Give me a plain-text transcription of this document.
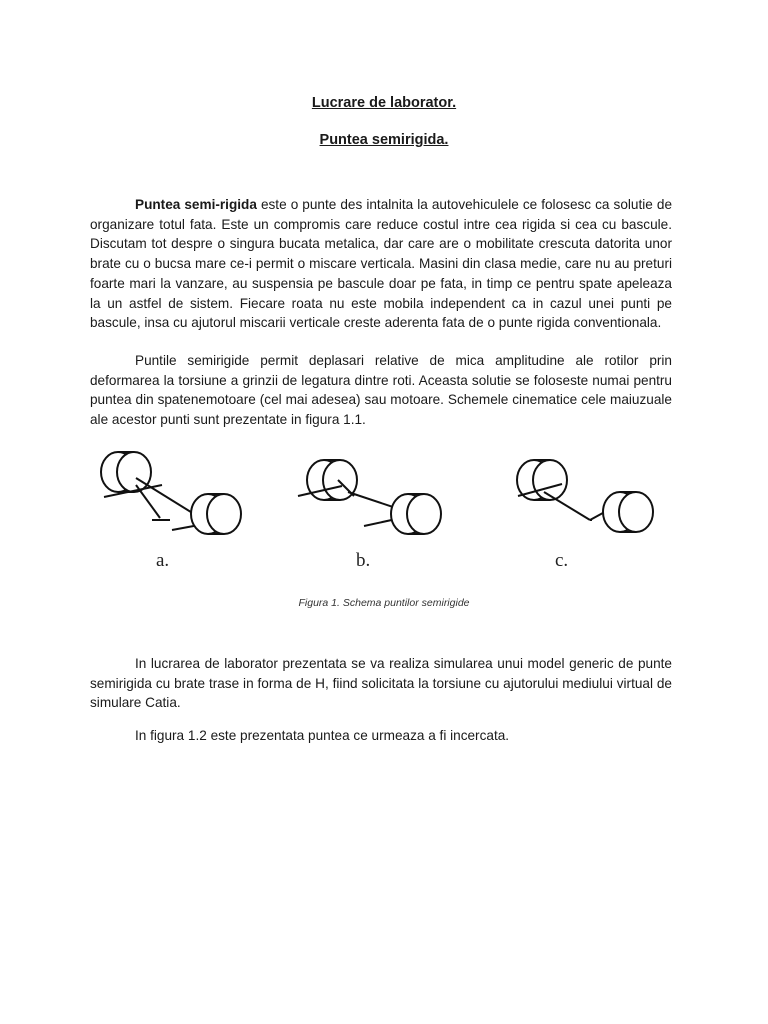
Lucrare de laborator.
Puntea semirigida.

Puntea semi-rigida este o punte des intalnita la autovehiculele ce folosesc ca solutie de organizare totul fata. Este un compromis care reduce costul intre cea rigida si cea cu bascule. Discutam tot despre o singura bucata metalica, dar care are o mobilitate crescuta datorita unor brate cu o bucsa mare ce-i permit o miscare verticala. Masini din clasa medie, care nu au preturi foarte mari la vanzare, au suspensia pe bascule doar pe fata, in timp ce pentru spate apeleaza la un astfel de sistem. Fiecare roata nu este mobila independent ca in cazul unei punti pe bascule, insa cu ajutorul miscarii verticale creste aderenta fata de o punte rigida conventionala.

Puntile semirigide permit deplasari relative de mica amplitudine ale rotilor prin deformarea la torsiune a grinzii de legatura dintre roti. Aceasta solutie se foloseste numai pentru puntea din spatenemotoare (cel mai adesea) sau motoare. Schemele cinematice cele maiuzuale ale acestor punti sunt prezentate in figura 1.1.

a.	b.	c.
Figura 1. Schema puntilor semirigide

In lucrarea de laborator prezentata se va realiza simularea unui model generic de punte semirigida cu brate trase in forma de H, fiind solicitata la torsiune cu ajutorului mediului virtual de simulare Catia.

In figura 1.2 este prezentata puntea ce urmeaza a fi incercata.
